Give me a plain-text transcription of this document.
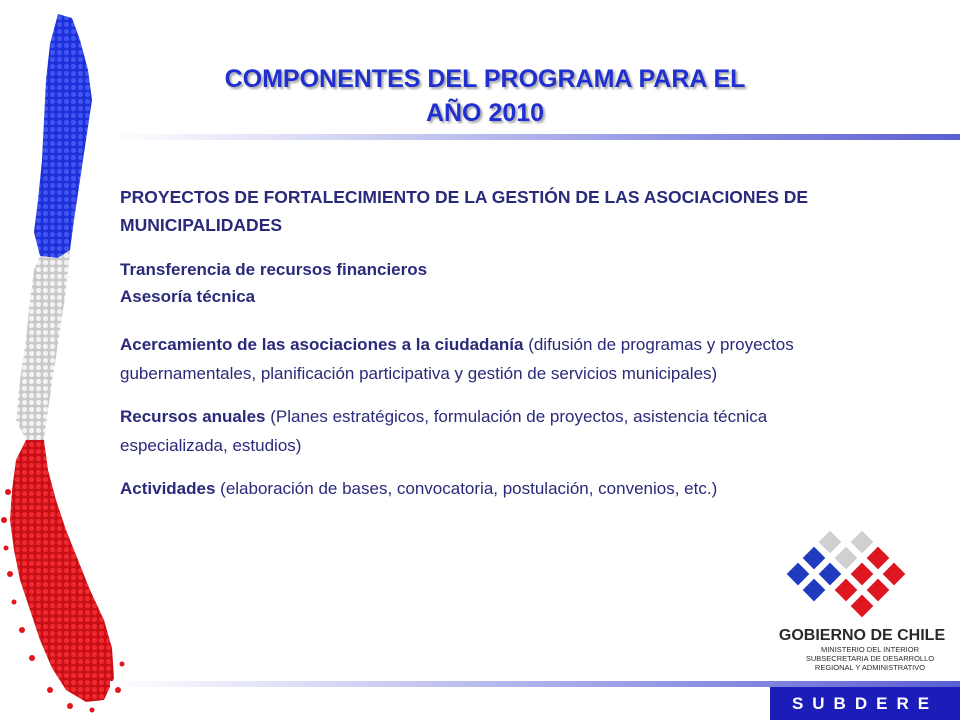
COMPONENTES DEL PROGRAMA PARA EL
AÑO 2010

PROYECTOS DE FORTALECIMIENTO DE LA GESTIÓN DE LAS ASOCIACIONES DE MUNICIPALIDADES

Transferencia de recursos financieros

Asesoría técnica

Acercamiento de las asociaciones a la ciudadanía (difusión de programas y proyectos gubernamentales, planificación participativa y gestión de servicios municipales)

Recursos anuales (Planes estratégicos, formulación de proyectos, asistencia técnica especializada, estudios)

Actividades (elaboración de bases, convocatoria, postulación, convenios, etc.)

GOBIERNO DE CHILE
MINISTERIO DEL INTERIOR
SUBSECRETARIA DE DESARROLLO
REGIONAL Y ADMINISTRATIVO
SUBDERE
